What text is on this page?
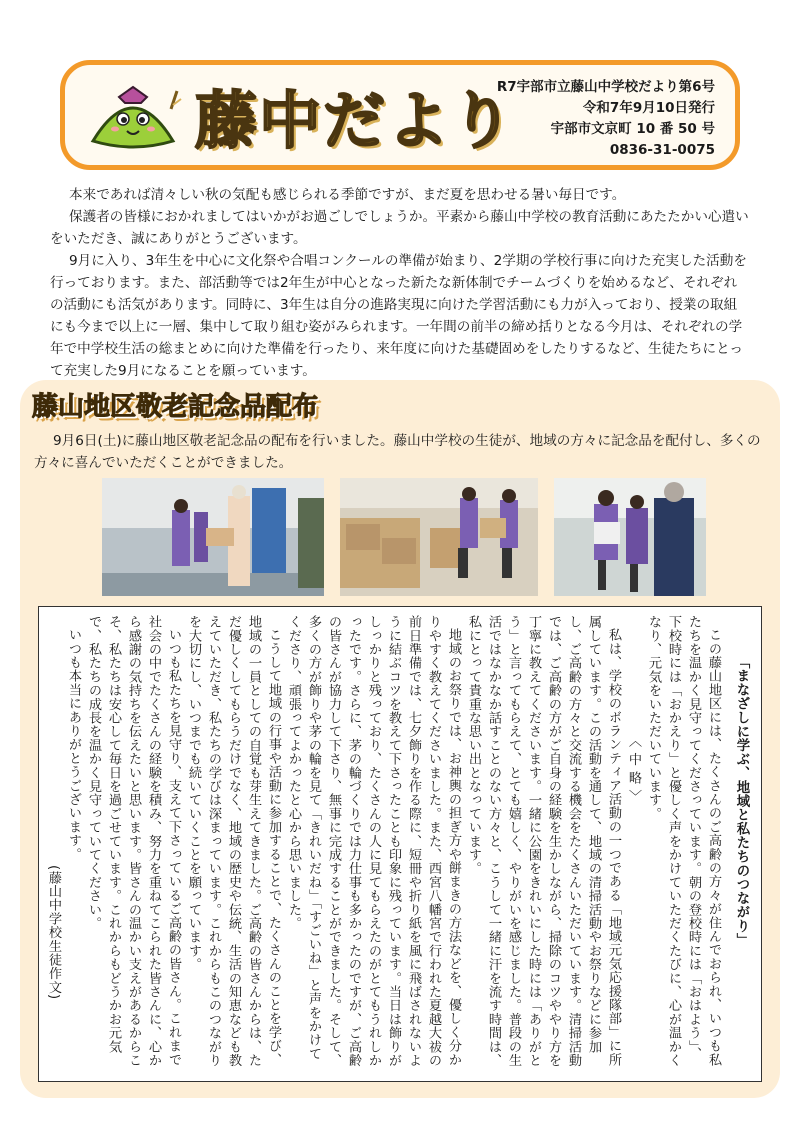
藤中だより
R7宇部市立藤山中学校だより第6号
令和7年9月10日発行
宇部市文京町 10 番 50 号
0836-31-0075

本来であれば清々しい秋の気配も感じられる季節ですが、まだ夏を思わせる暑い毎日です。

保護者の皆様におかれましてはいかがお過ごしでしょうか。平素から藤山中学校の教育活動にあたたかい心遣いをいただき、誠にありがとうございます。

9月に入り、3年生を中心に文化祭や合唱コンクールの準備が始まり、2学期の学校行事に向けた充実した活動を行っております。また、部活動等では2年生が中心となった新たな新体制でチームづくりを始めるなど、それぞれの活動にも活気があります。同時に、3年生は自分の進路実現に向けた学習活動にも力が入っており、授業の取組にも今まで以上に一層、集中して取り組む姿がみられます。一年間の前半の締め括りとなる今月は、それぞれの学年で中学校生活の総まとめに向けた準備を行ったり、来年度に向けた基礎固めをしたりするなど、生徒たちにとって充実した9月になることを願っています。

藤山地区敬老記念品配布

9月6日(土)に藤山地区敬老記念品の配布を行いました。藤山中学校の生徒が、地域の方々に記念品を配付し、多くの方々に喜んでいただくことができました。

「まなざしに学ぶ、地域と私たちのつながり」

この藤山地区には、たくさんのご高齢の方々が住んでおられ、いつも私たちを温かく見守ってくださっています。朝の登校時には「おはよう」、下校時には「おかえり」と優しく声をかけていただくたびに、心が温かくなり、元気をいただいています。

〈 中 略 〉

私は、学校のボランティア活動の一つである「地域元気応援隊部」に所属しています。この活動を通して、地域の清掃活動やお祭りなどに参加し、ご高齢の方々と交流する機会をたくさんいただいています。清掃活動では、ご高齢の方がご自身の経験を生かしながら、掃除のコツややり方を丁寧に教えてくださいます。一緒に公園をきれいにした時には「ありがとう」と言ってもらえて、とても嬉しく、やりがいを感じました。普段の生活ではなかなか話すことのない方々と、こうして一緒に汗を流す時間は、私にとって貴重な思い出となっています。

地域のお祭りでは、お神輿の担ぎ方や餅まきの方法などを、優しく分かりやすく教えてくださいました。また、西宮八幡宮で行われた夏越大祓の前日準備では、七夕飾りを作る際に、短冊や折り紙を風に飛ばされないように結ぶコツを教えて下さったことも印象に残っています。当日は飾りがしっかりと残っており、たくさんの人に見てもらえたのがとてもうれしかったです。さらに、茅の輪づくりでは力仕事も多かったのですが、ご高齢の皆さんが協力して下さり、無事に完成することができました。そして、多くの方が飾りや茅の輪を見て「きれいだね」「すごいね」と声をかけてくださり、頑張ってよかったと心から思いました。

こうして地域の行事や活動に参加することで、たくさんのことを学び、地域の一員としての自覚も芽生えてきました。ご高齢の皆さんからは、ただ優しくしてもらうだけでなく、地域の歴史や伝統、生活の知恵なども教えていただき、私たちの学びは深まっています。これからもこのつながりを大切にし、いつまでも続いていくことを願っています。

いつも私たちを見守り、支えて下さっているご高齢の皆さん。これまで社会の中でたくさんの経験を積み、努力を重ねてこられた皆さんに、心から感謝の気持ちを伝えたいと思います。皆さんの温かい支えがあるからこそ、私たちは安心して毎日を過ごせています。これからもどうかお元気で、私たちの成長を温かく見守っていてください。

いつも本当にありがとうございます。

(藤山中学校生徒作文)
